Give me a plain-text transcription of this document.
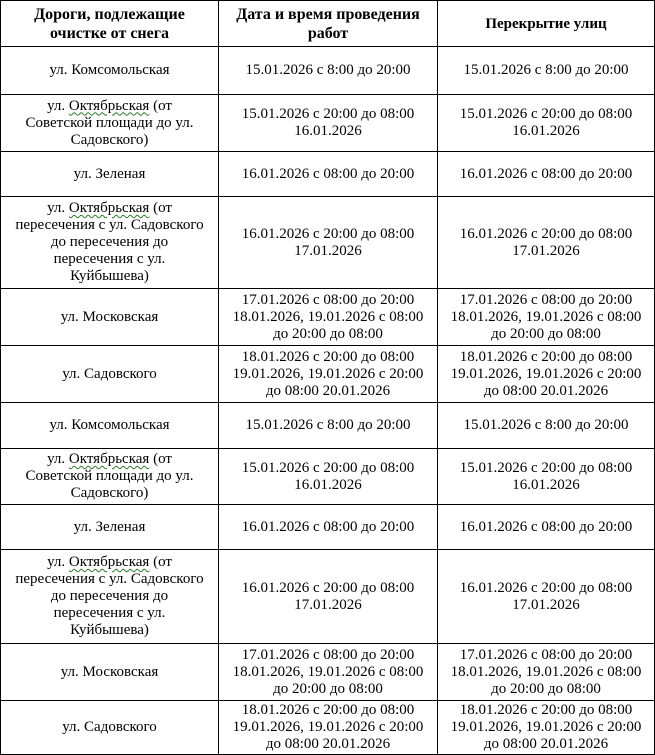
Дороги, подлежащие
очистке от снега	Дата и время проведения
работ	Перекрытие улиц

ул. Комсомольская	15.01.2026 с 8:00 до 20:00	15.01.2026 с 8:00 до 20:00

ул. Октябрьская (от
Советской площади до ул.
Садовского)	15.01.2026 с 20:00 до 08:00
16.01.2026	15.01.2026 с 20:00 до 08:00
16.01.2026

ул. Зеленая	16.01.2026 с 08:00 до 20:00	16.01.2026 с 08:00 до 20:00

ул. Октябрьская (от
пересечения с ул. Садовского
до пересечения до
пересечения с ул.
Куйбышева)	16.01.2026 с 20:00 до 08:00
17.01.2026	16.01.2026 с 20:00 до 08:00
17.01.2026

ул. Московская	17.01.2026 с 08:00 до 20:00
18.01.2026, 19.01.2026 с 08:00
до 20:00 до 08:00	17.01.2026 с 08:00 до 20:00
18.01.2026, 19.01.2026 с 08:00
до 20:00 до 08:00

ул. Садовского	18.01.2026 с 20:00 до 08:00
19.01.2026, 19.01.2026 с 20:00
до 08:00 20.01.2026	18.01.2026 с 20:00 до 08:00
19.01.2026, 19.01.2026 с 20:00
до 08:00 20.01.2026

ул. Комсомольская	15.01.2026 с 8:00 до 20:00	15.01.2026 с 8:00 до 20:00

ул. Октябрьская (от
Советской площади до ул.
Садовского)	15.01.2026 с 20:00 до 08:00
16.01.2026	15.01.2026 с 20:00 до 08:00
16.01.2026

ул. Зеленая	16.01.2026 с 08:00 до 20:00	16.01.2026 с 08:00 до 20:00

ул. Октябрьская (от
пересечения с ул. Садовского
до пересечения до
пересечения с ул.
Куйбышева)	16.01.2026 с 20:00 до 08:00
17.01.2026	16.01.2026 с 20:00 до 08:00
17.01.2026

ул. Московская	17.01.2026 с 08:00 до 20:00
18.01.2026, 19.01.2026 с 08:00
до 20:00 до 08:00	17.01.2026 с 08:00 до 20:00
18.01.2026, 19.01.2026 с 08:00
до 20:00 до 08:00

ул. Садовского	18.01.2026 с 20:00 до 08:00
19.01.2026, 19.01.2026 с 20:00
до 08:00 20.01.2026	18.01.2026 с 20:00 до 08:00
19.01.2026, 19.01.2026 с 20:00
до 08:00 20.01.2026
